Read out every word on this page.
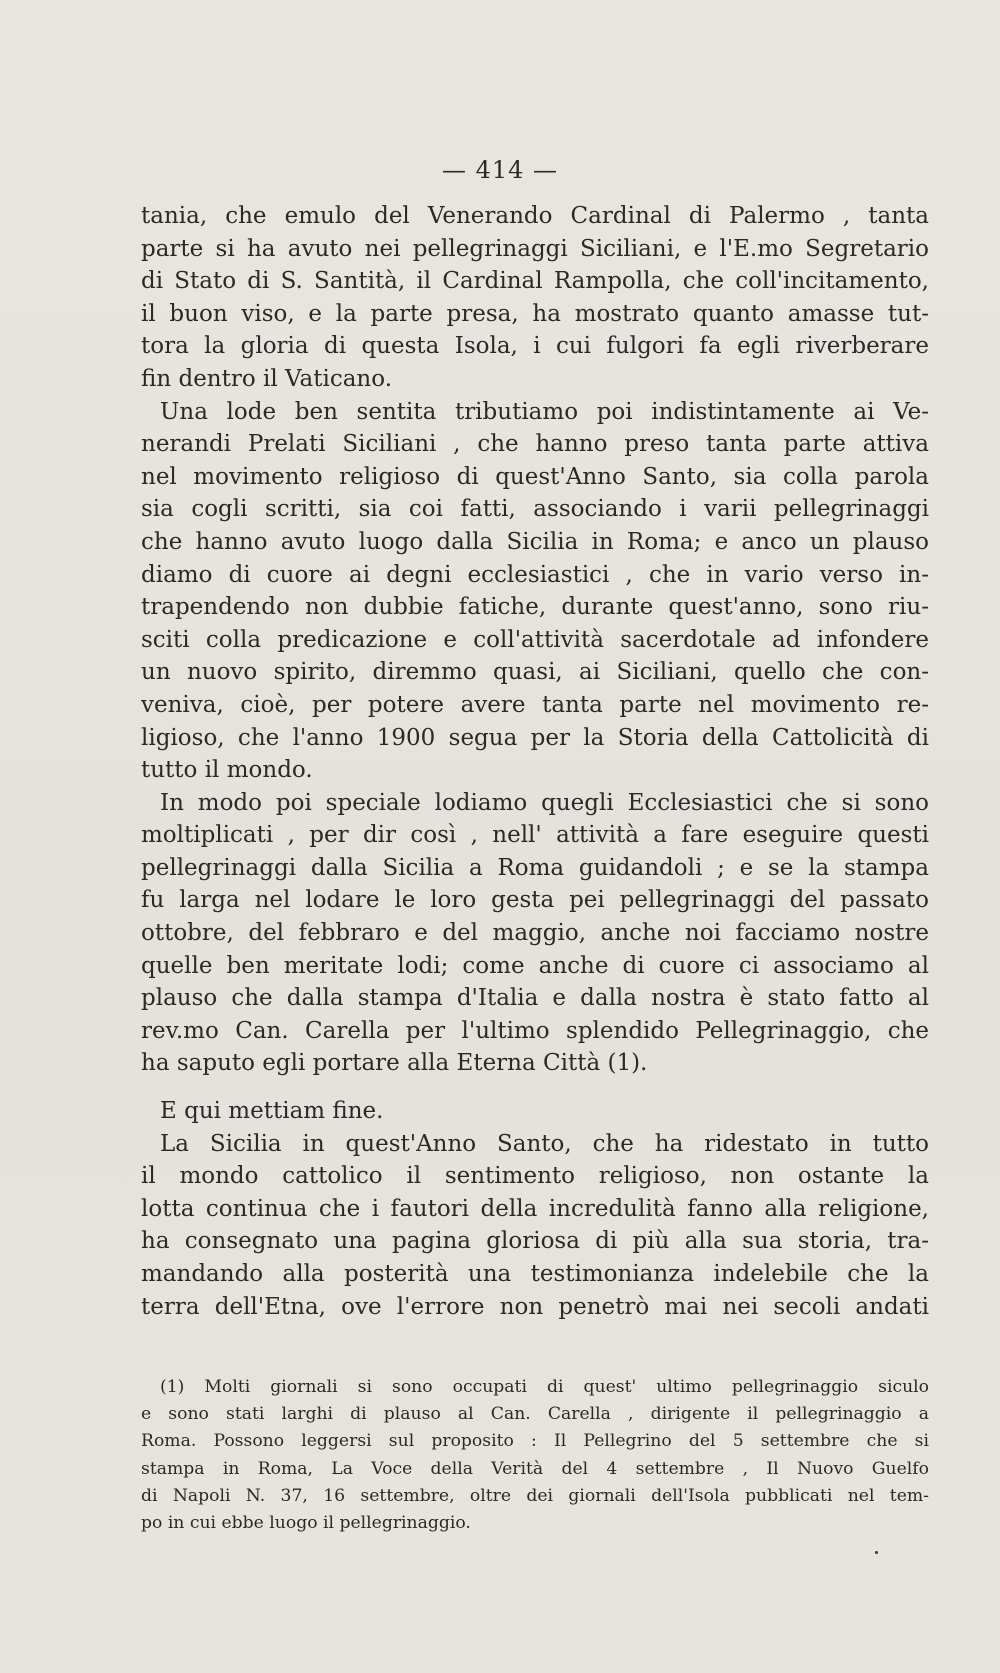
— 414 —
tania, che emulo del Venerando Cardinal di Palermo , tanta
parte si ha avuto nei pellegrinaggi Siciliani, e l'E.mo Segretario
di Stato di S. Santità, il Cardinal Rampolla, che coll'incitamento,
il buon viso, e la parte presa, ha mostrato quanto amasse tut-
tora la gloria di questa Isola, i cui fulgori fa egli riverberare
fin dentro il Vaticano.
Una lode ben sentita tributiamo poi indistintamente ai Ve-
nerandi Prelati Siciliani , che hanno preso tanta parte attiva
nel movimento religioso di quest'Anno Santo, sia colla parola
sia cogli scritti, sia coi fatti, associando i varii pellegrinaggi
che hanno avuto luogo dalla Sicilia in Roma; e anco un plauso
diamo di cuore ai degni ecclesiastici , che in vario verso in-
trapendendo non dubbie fatiche, durante quest'anno, sono riu-
sciti colla predicazione e coll'attività sacerdotale ad infondere
un nuovo spirito, diremmo quasi, ai Siciliani, quello che con-
veniva, cioè, per potere avere tanta parte nel movimento re-
ligioso, che l'anno 1900 segua per la Storia della Cattolicità di
tutto il mondo.
In modo poi speciale lodiamo quegli Ecclesiastici che si sono
moltiplicati , per dir così , nell' attività a fare eseguire questi
pellegrinaggi dalla Sicilia a Roma guidandoli ; e se la stampa
fu larga nel lodare le loro gesta pei pellegrinaggi del passato
ottobre, del febbraro e del maggio, anche noi facciamo nostre
quelle ben meritate lodi; come anche di cuore ci associamo al
plauso che dalla stampa d'Italia e dalla nostra è stato fatto al
rev.mo Can. Carella per l'ultimo splendido Pellegrinaggio, che
ha saputo egli portare alla Eterna Città (1).
E qui mettiam fine.
La Sicilia in quest'Anno Santo, che ha ridestato in tutto
il mondo cattolico il sentimento religioso, non ostante la
lotta continua che i fautori della incredulità fanno alla religione,
ha consegnato una pagina gloriosa di più alla sua storia, tra-
mandando alla posterità una testimonianza indelebile che la
terra dell'Etna, ove l'errore non penetrò mai nei secoli andati
(1) Molti giornali si sono occupati di quest' ultimo pellegrinaggio siculo
e sono stati larghi di plauso al Can. Carella , dirigente il pellegrinaggio a
Roma. Possono leggersi sul proposito : Il Pellegrino del 5 settembre che si
stampa in Roma, La Voce della Verità del 4 settembre , Il Nuovo Guelfo
di Napoli N. 37, 16 settembre, oltre dei giornali dell'Isola pubblicati nel tem-
po in cui ebbe luogo il pellegrinaggio.
